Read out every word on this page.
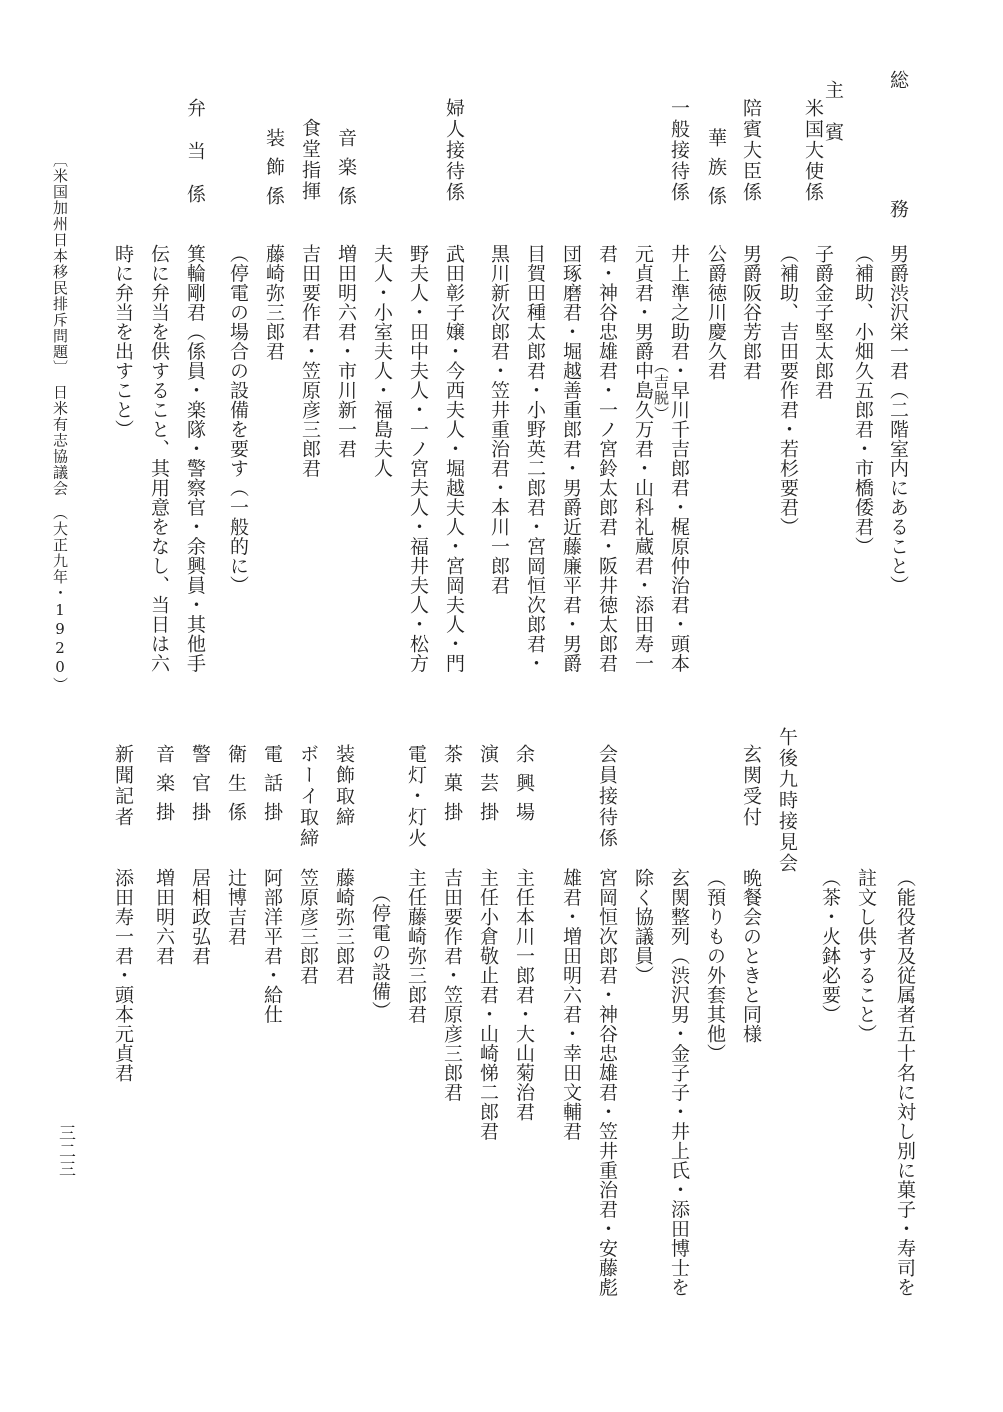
総　　務
男爵渋沢栄一君（二階室内にあること）
（補助、小畑久五郎君・市橋倭君）
主　賓
米国大使係
子爵金子堅太郎君
（補助、吉田要作君・若杉要君）
陪賓大臣係
男爵阪谷芳郎君
華族係
公爵徳川慶久君
一般接待係
井上準之助君・早川千吉郎君・梶原仲治君・頭本
元貞君・男爵中島久万君・山科礼蔵君・添田寿一
（吉脱）
君・神谷忠雄君・一ノ宮鈴太郎君・阪井徳太郎君
団琢磨君・堀越善重郎君・男爵近藤廉平君・男爵
目賀田種太郎君・小野英二郎君・宮岡恒次郎君・
黒川新次郎君・笠井重治君・本川一郎君
婦人接待係
武田彰子嬢・今西夫人・堀越夫人・宮岡夫人・門
野夫人・田中夫人・一ノ宮夫人・福井夫人・松方
夫人・小室夫人・福島夫人
音楽係
増田明六君・市川新一君
食堂指揮
吉田要作君・笠原彦三郎君
装飾係
藤崎弥三郎君
（停電の場合の設備を要す（一般的に）
弁当係
箕輪剛君（係員・楽隊・警察官・余興員・其他手
伝に弁当を供すること、其用意をなし、当日は六
時に弁当を出すこと）
（能役者及従属者五十名に対し別に菓子・寿司を
註文し供すること）
（茶・火鉢必要）
午後九時接見会
玄関受付
晩餐会のときと同様
（預りもの外套其他）
玄関整列（渋沢男・金子子・井上氏・添田博士を
除く協議員）
会員接待係
宮岡恒次郎君・神谷忠雄君・笠井重治君・安藤彪
雄君・増田明六君・幸田文輔君
余興場
主任本川一郎君・大山菊治君
演芸掛
主任小倉敬止君・山崎悌二郎君
茶菓掛
吉田要作君・笠原彦三郎君
電灯・灯火
主任藤崎弥三郎君
（停電の設備）
装飾取締
藤崎弥三郎君
ボーイ取締
笠原彦三郎君
電話掛
阿部洋平君・給仕
衛生係
辻博吉君
警官掛
居相政弘君
音楽掛
増田明六君
新聞記者
添田寿一君・頭本元貞君
〔米国加州日本移民排斥問題〕　日米有志協議会　（大正九年・1920）
三二三
